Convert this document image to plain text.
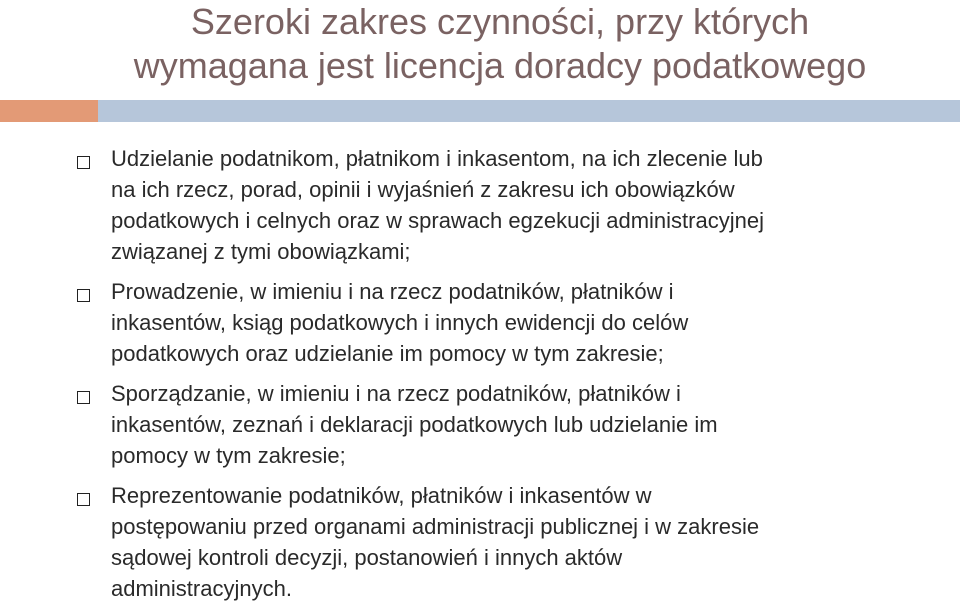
Szeroki zakres czynności, przy których
wymagana jest licencja doradcy podatkowego
Udzielanie podatnikom, płatnikom i inkasentom, na ich zlecenie lub
na ich rzecz, porad, opinii i wyjaśnień z zakresu ich obowiązków
podatkowych i celnych oraz w sprawach egzekucji administracyjnej
związanej z tymi obowiązkami;
Prowadzenie, w imieniu i na rzecz podatników, płatników i
inkasentów, ksiąg podatkowych i innych ewidencji do celów
podatkowych oraz udzielanie im pomocy w tym zakresie;
Sporządzanie, w imieniu i na rzecz podatników, płatników i
inkasentów, zeznań i deklaracji podatkowych lub udzielanie im
pomocy w tym zakresie;
Reprezentowanie podatników, płatników i inkasentów w
postępowaniu przed organami administracji publicznej i w zakresie
sądowej kontroli decyzji, postanowień i innych aktów
administracyjnych.
